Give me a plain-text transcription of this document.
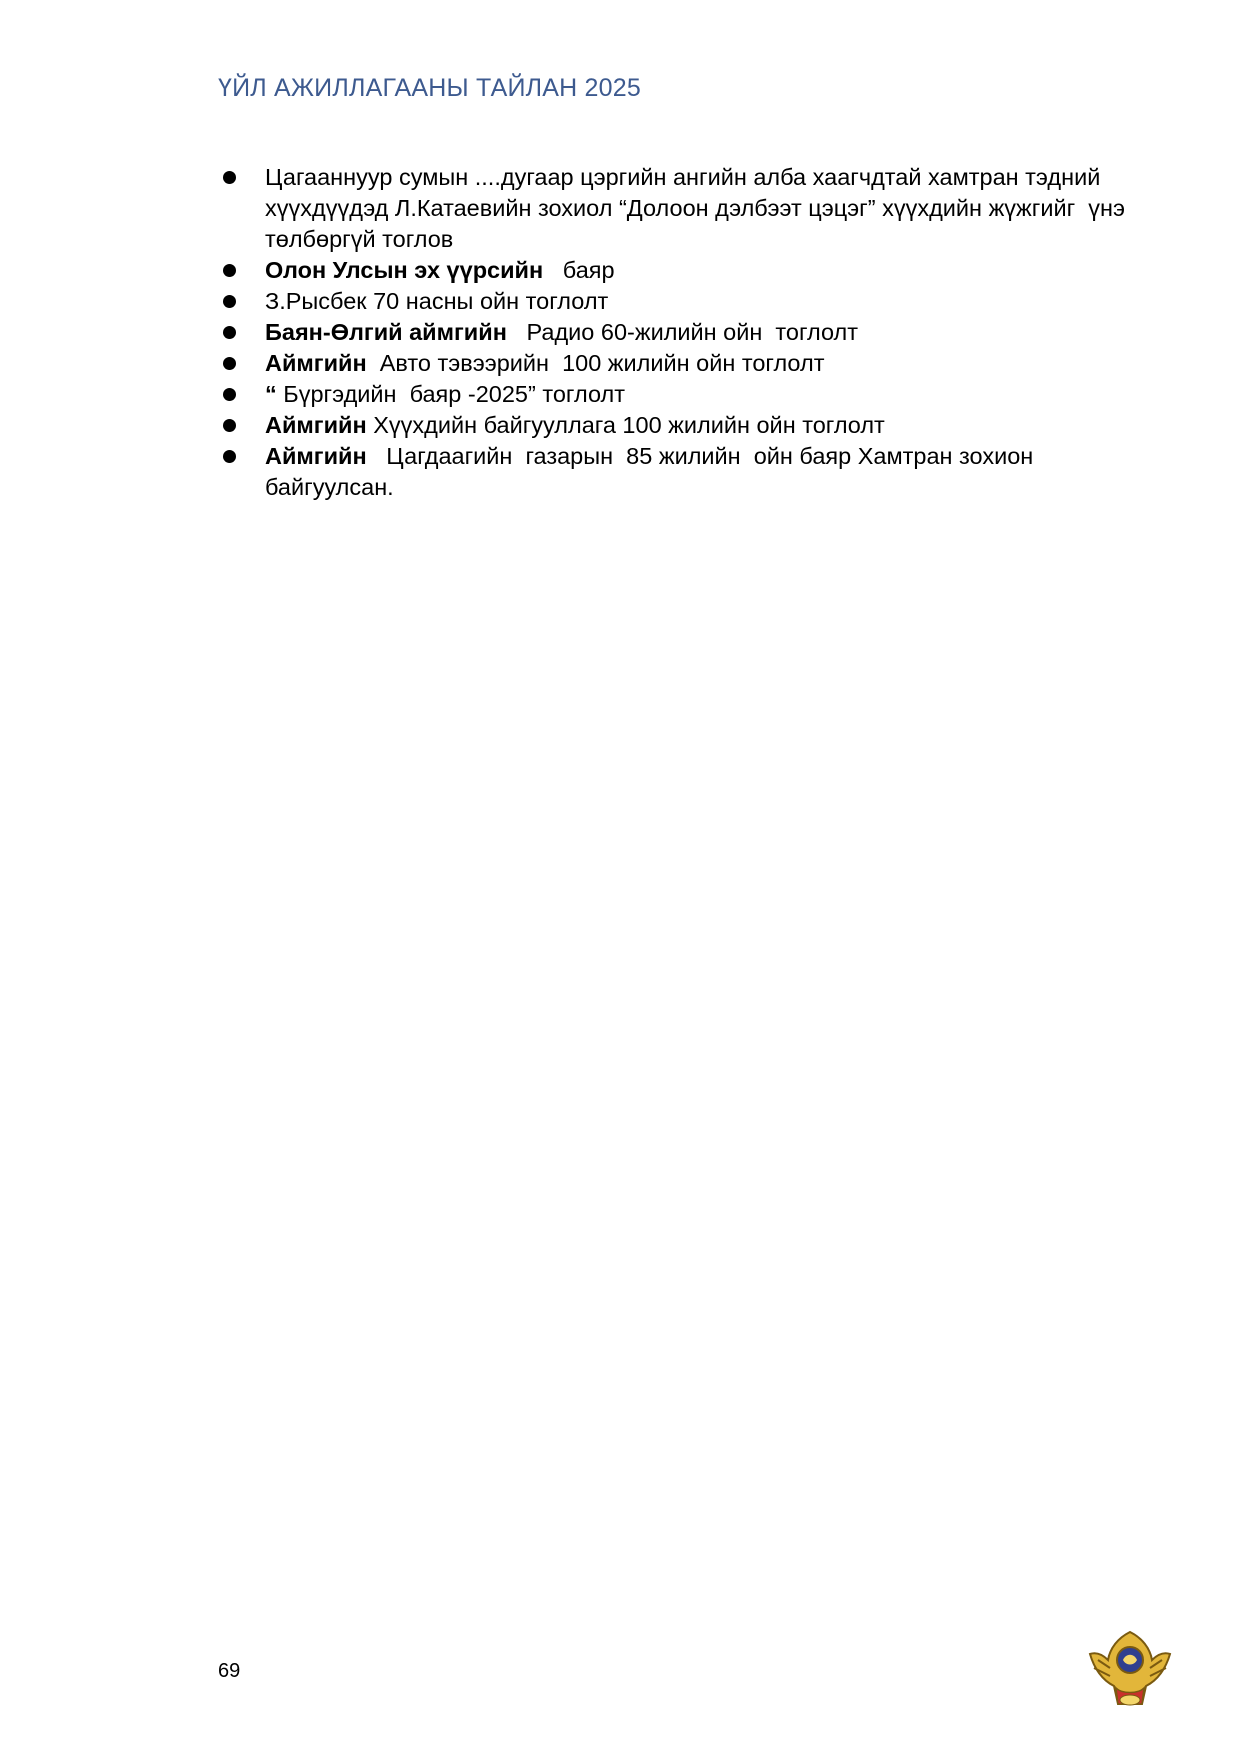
ҮЙЛ АЖИЛЛАГААНЫ ТАЙЛАН 2025
Цагааннуур сумын ....дугаар цэргийн ангийн алба хаагчдтай хамтран тэдний  хүүхдүүдэд Л.Катаевийн зохиол “Долоон дэлбээт цэцэг” хүүхдийн жүжгийг  үнэ төлбөргүй тоглов
Олон Улсын эх үүрсийн   баяр
З.Рысбек 70 насны ойн тоглолт
Баян-Өлгий аймгийн   Радио 60-жилийн ойн  тоглолт
Аймгийн  Авто тэвээрийн  100 жилийн ойн тоглолт
“ Бүргэдийн  баяр -2025” тоглолт
Аймгийн Хүүхдийн байгууллага 100 жилийн ойн тоглолт
Аймгийн   Цагдаагийн  газарын  85 жилийн  ойн баяр Хамтран зохион байгуулсан.
69
